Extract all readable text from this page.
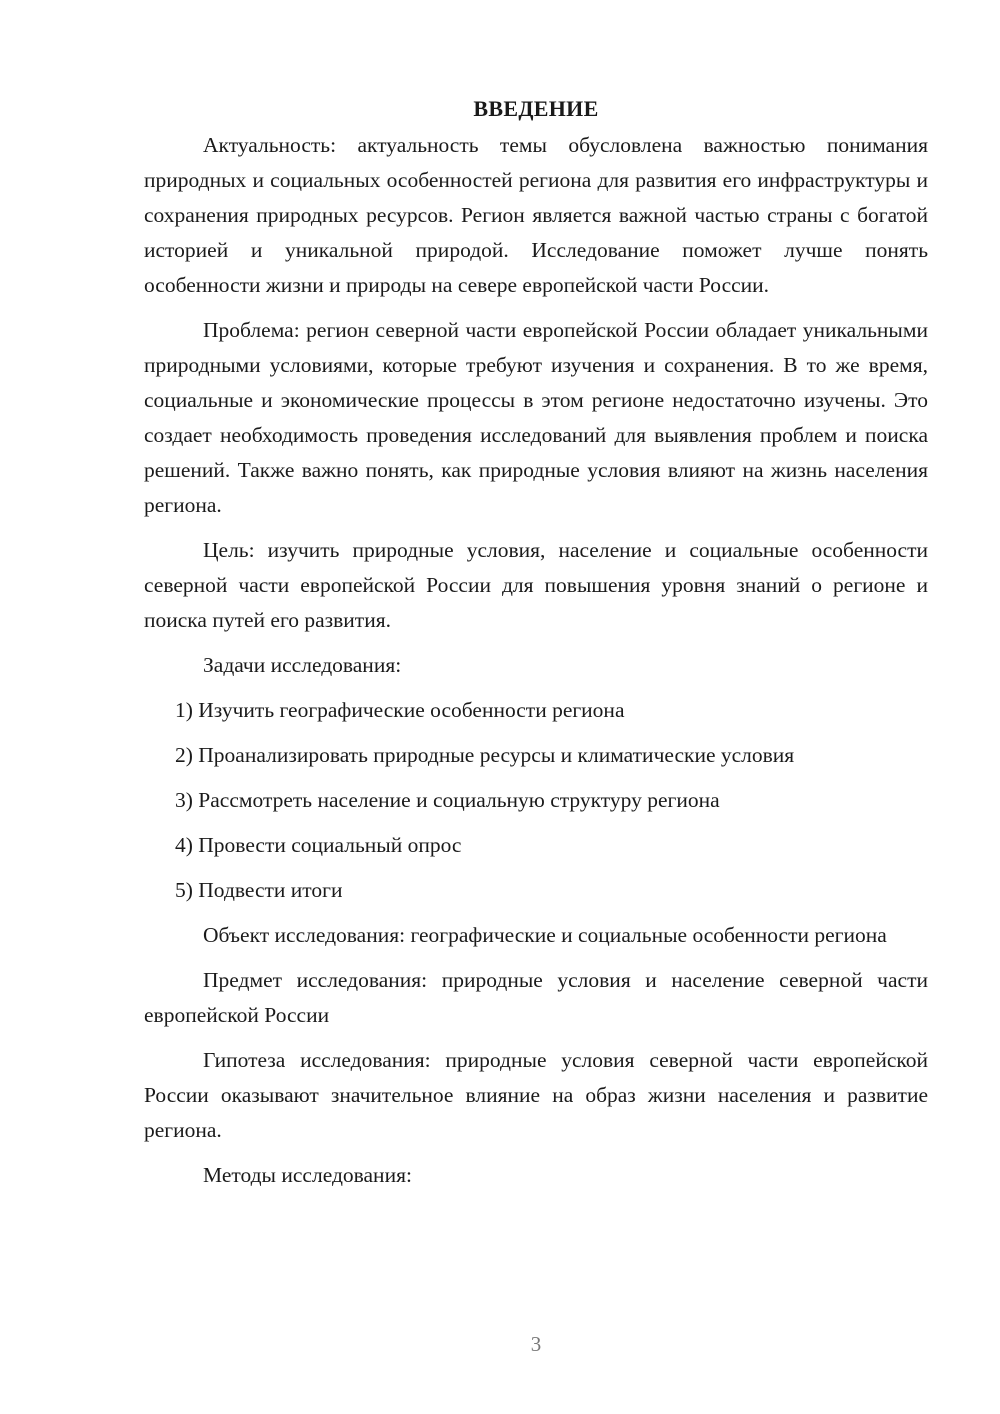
ВВЕДЕНИЕ

Актуальность: актуальность темы обусловлена важностью понимания природных и социальных особенностей региона для развития его инфраструктуры и сохранения природных ресурсов. Регион является важной частью страны с богатой историей и уникальной природой. Исследование поможет лучше понять особенности жизни и природы на севере европейской части России.

Проблема: регион северной части европейской России обладает уникальными природными условиями, которые требуют изучения и сохранения. В то же время, социальные и экономические процессы в этом регионе недостаточно изучены. Это создает необходимость проведения исследований для выявления проблем и поиска решений. Также важно понять, как природные условия влияют на жизнь населения региона.

Цель: изучить природные условия, население и социальные особенности северной части европейской России для повышения уровня знаний о регионе и поиска путей его развития.

Задачи исследования:

1) Изучить географические особенности региона
2) Проанализировать природные ресурсы и климатические условия
3) Рассмотреть население и социальную структуру региона
4) Провести социальный опрос
5) Подвести итоги

Объект исследования: географические и социальные особенности региона

Предмет исследования: природные условия и население северной части европейской России

Гипотеза исследования: природные условия северной части европейской России оказывают значительное влияние на образ жизни населения и развитие региона.

Методы исследования:

3
